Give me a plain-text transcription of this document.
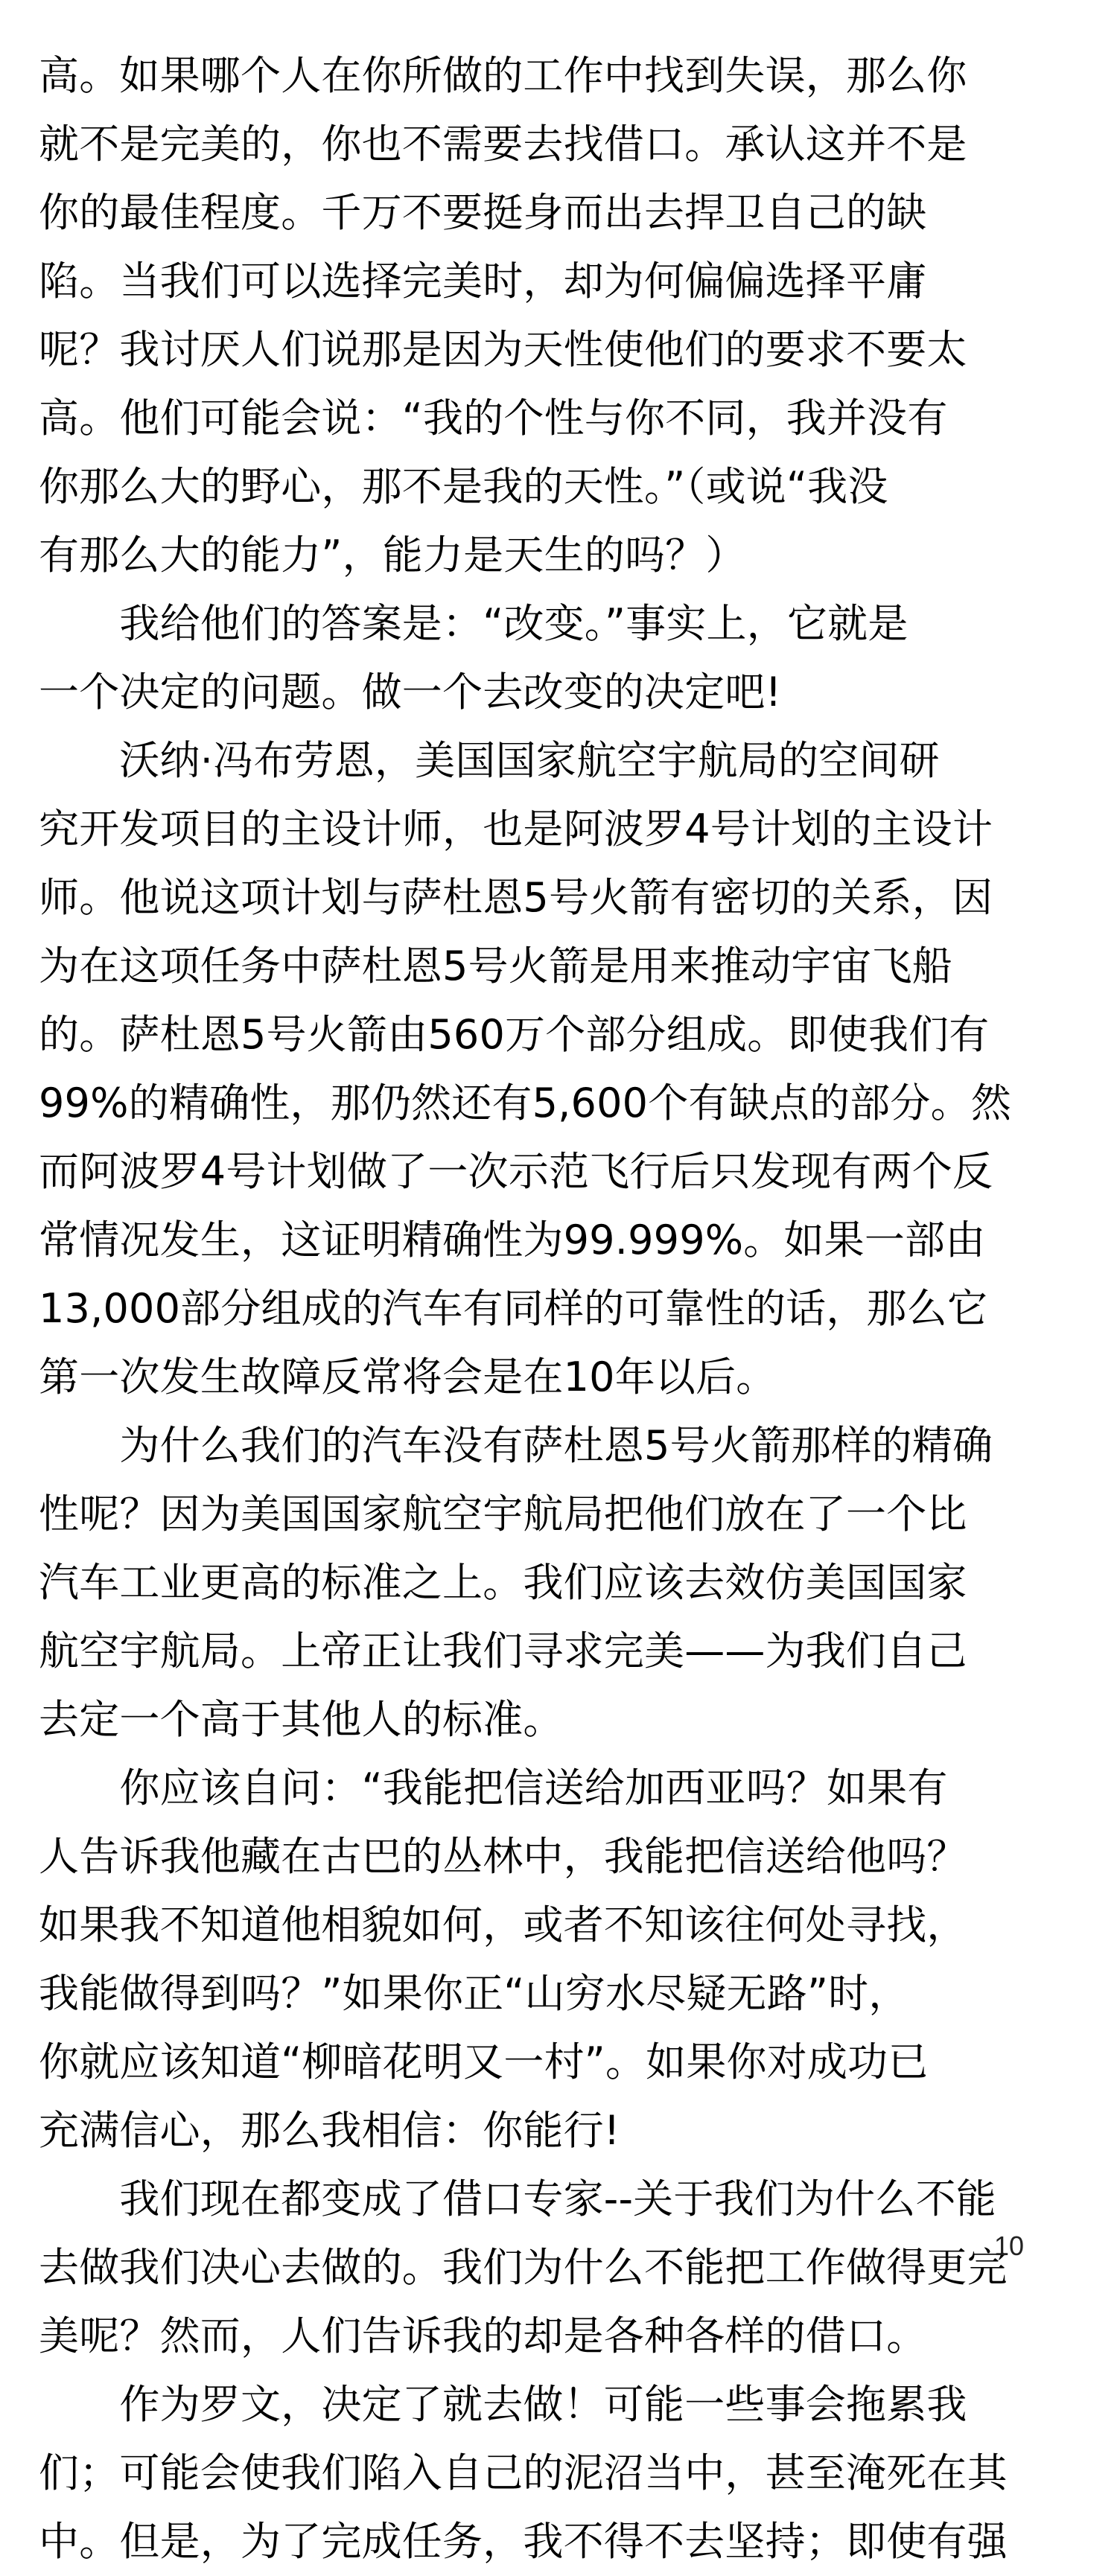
高。如果哪个人在你所做的工作中找到失误，那么你
就不是完美的，你也不需要去找借口。承认这并不是
你的最佳程度。千万不要挺身而出去捍卫自己的缺
陷。当我们可以选择完美时，却为何偏偏选择平庸
呢？我讨厌人们说那是因为天性使他们的要求不要太
高。他们可能会说：“我的个性与你不同，我并没有
你那么大的野心，那不是我的天性。”（或说“我没
有那么大的能力”，能力是天生的吗？）
　　我给他们的答案是：“改变。”事实上，它就是
一个决定的问题。做一个去改变的决定吧!
　　沃纳·冯布劳恩，美国国家航空宇航局的空间研
究开发项目的主设计师，也是阿波罗4号计划的主设计
师。他说这项计划与萨杜恩5号火箭有密切的关系，因
为在这项任务中萨杜恩5号火箭是用来推动宇宙飞船
的。萨杜恩5号火箭由560万个部分组成。即使我们有
99%的精确性，那仍然还有5,600个有缺点的部分。然
而阿波罗4号计划做了一次示范飞行后只发现有两个反
常情况发生，这证明精确性为99.999%。如果一部由
13,000部分组成的汽车有同样的可靠性的话，那么它
第一次发生故障反常将会是在10年以后。
　　为什么我们的汽车没有萨杜恩5号火箭那样的精确
性呢？因为美国国家航空宇航局把他们放在了一个比
汽车工业更高的标准之上。我们应该去效仿美国国家
航空宇航局。上帝正让我们寻求完美——为我们自己
去定一个高于其他人的标准。
　　你应该自问：“我能把信送给加西亚吗？如果有
人告诉我他藏在古巴的丛林中，我能把信送给他吗？
如果我不知道他相貌如何，或者不知该往何处寻找，
我能做得到吗？”如果你正“山穷水尽疑无路”时，
你就应该知道“柳暗花明又一村”。如果你对成功已
充满信心，那么我相信：你能行!
　　我们现在都变成了借口专家--关于我们为什么不能
去做我们决心去做的。我们为什么不能把工作做得更完
美呢？然而，人们告诉我的却是各种各样的借口。
　　作为罗文，决定了就去做！可能一些事会拖累我
们；可能会使我们陷入自己的泥沼当中，甚至淹死在其
中。但是，为了完成任务，我不得不去坚持；即使有强
10
